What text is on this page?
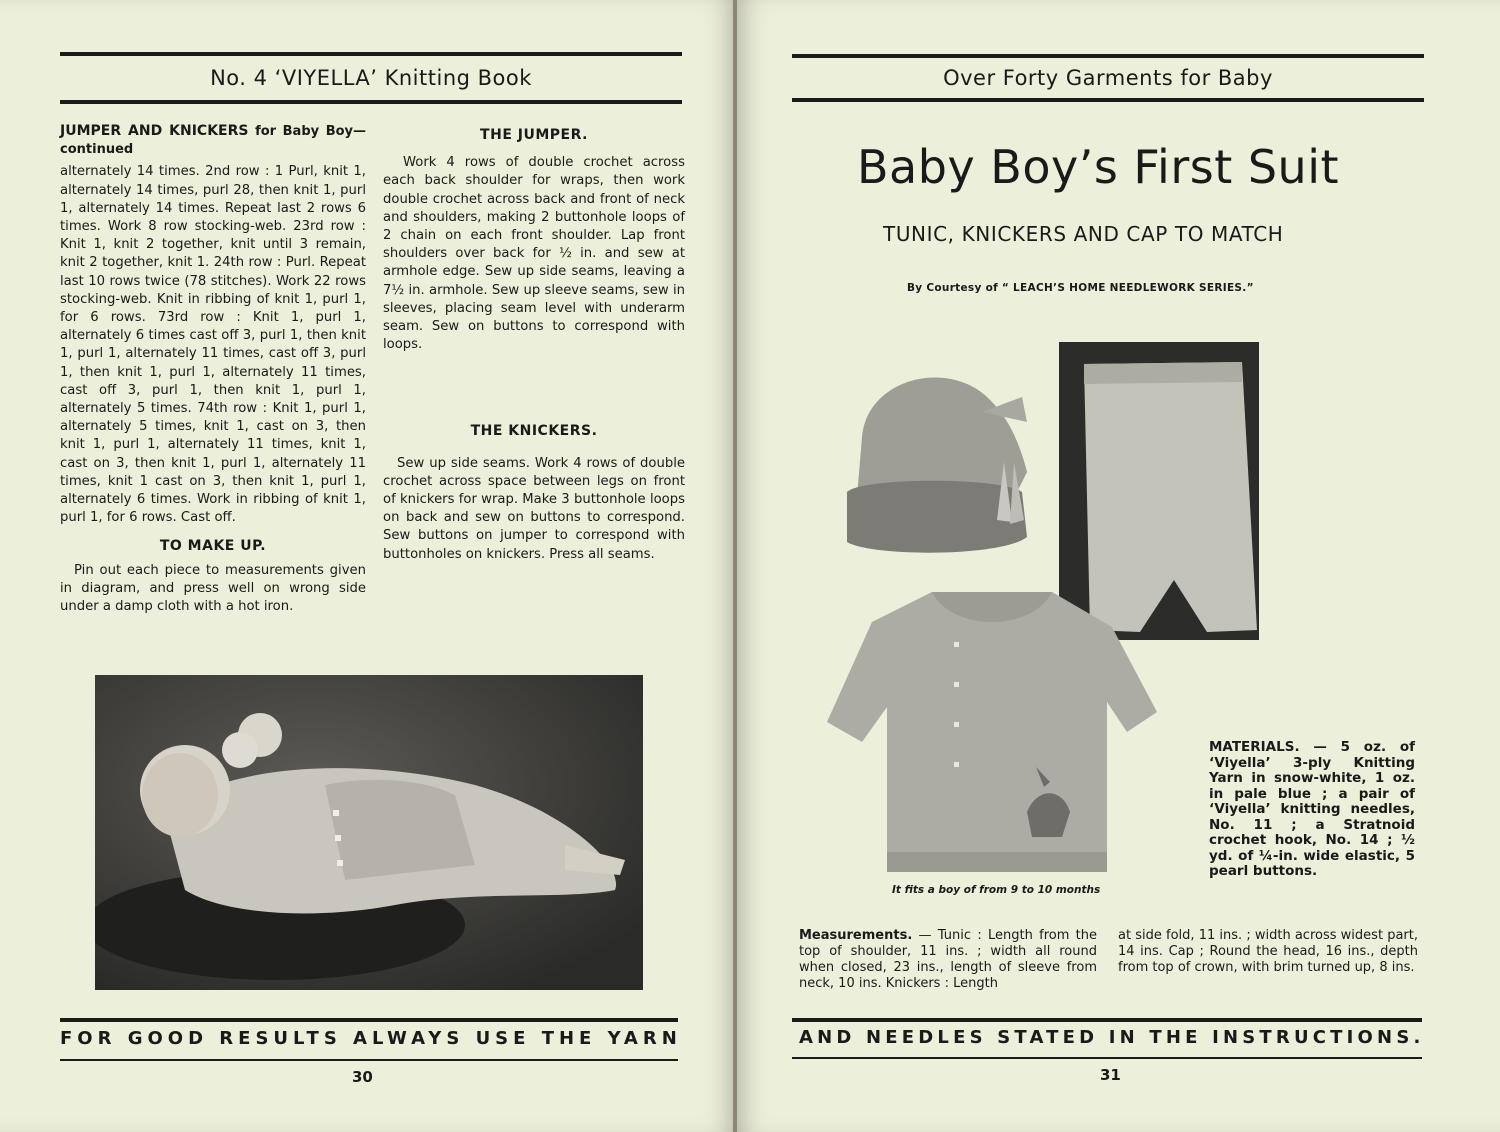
No. 4 ‘VIYELLA’ Knitting Book

JUMPER AND KNICKERS for Baby Boy—continued

alternately 14 times. 2nd row : 1 Purl, knit 1, alternately 14 times, purl 28, then knit 1, purl 1, alternately 14 times. Repeat last 2 rows 6 times. Work 8 row stocking-web. 23rd row : Knit 1, knit 2 together, knit until 3 remain, knit 2 together, knit 1. 24th row : Purl. Repeat last 10 rows twice (78 stitches). Work 22 rows stocking-web. Knit in ribbing of knit 1, purl 1, for 6 rows. 73rd row : Knit 1, purl 1, alternately 6 times cast off 3, purl 1, then knit 1, purl 1, alternately 11 times, cast off 3, purl 1, then knit 1, purl 1, alternately 11 times, cast off 3, purl 1, then knit 1, purl 1, alternately 5 times. 74th row : Knit 1, purl 1, alternately 5 times, knit 1, cast on 3, then knit 1, purl 1, alternately 11 times, knit 1, cast on 3, then knit 1, purl 1, alternately 11 times, knit 1 cast on 3, then knit 1, purl 1, alternately 6 times. Work in ribbing of knit 1, purl 1, for 6 rows. Cast off.

TO MAKE UP.

Pin out each piece to measurements given in diagram, and press well on wrong side under a damp cloth with a hot iron.

THE JUMPER.

Work 4 rows of double crochet across each back shoulder for wraps, then work double crochet across back and front of neck and shoulders, making 2 buttonhole loops of 2 chain on each front shoulder. Lap front shoulders over back for ½ in. and sew at armhole edge. Sew up side seams, leaving a 7½ in. armhole. Sew up sleeve seams, sew in sleeves, placing seam level with underarm seam. Sew on buttons to correspond with loops.

THE KNICKERS.

Sew up side seams. Work 4 rows of double crochet across space between legs on front of knickers for wrap. Make 3 buttonhole loops on back and sew on buttons to correspond. Sew buttons on jumper to correspond with buttonholes on knickers. Press all seams.

FOR GOOD RESULTS ALWAYS USE THE YARN
30
Over Forty Garments for Baby
Baby Boy’s First Suit
TUNIC, KNICKERS AND CAP TO MATCH
By Courtesy of “ LEACH’S HOME NEEDLEWORK SERIES.”
It fits a boy of from 9 to 10 months
MATERIALS. — 5 oz. of ‘Viyella’ 3-ply Knitting Yarn in snow-white, 1 oz. in pale blue ; a pair of ‘Viyella’ knitting needles, No. 11 ; a Stratnoid crochet hook, No. 14 ; ½ yd. of ¼-in. wide elastic, 5 pearl buttons.
Measurements. — Tunic : Length from the top of shoulder, 11 ins. ; width all round when closed, 23 ins., length of sleeve from neck, 10 ins. Knickers : Length
at side fold, 11 ins. ; width across widest part, 14 ins. Cap ; Round the head, 16 ins., depth from top of crown, with brim turned up, 8 ins.
AND NEEDLES STATED IN THE INSTRUCTIONS.
31
